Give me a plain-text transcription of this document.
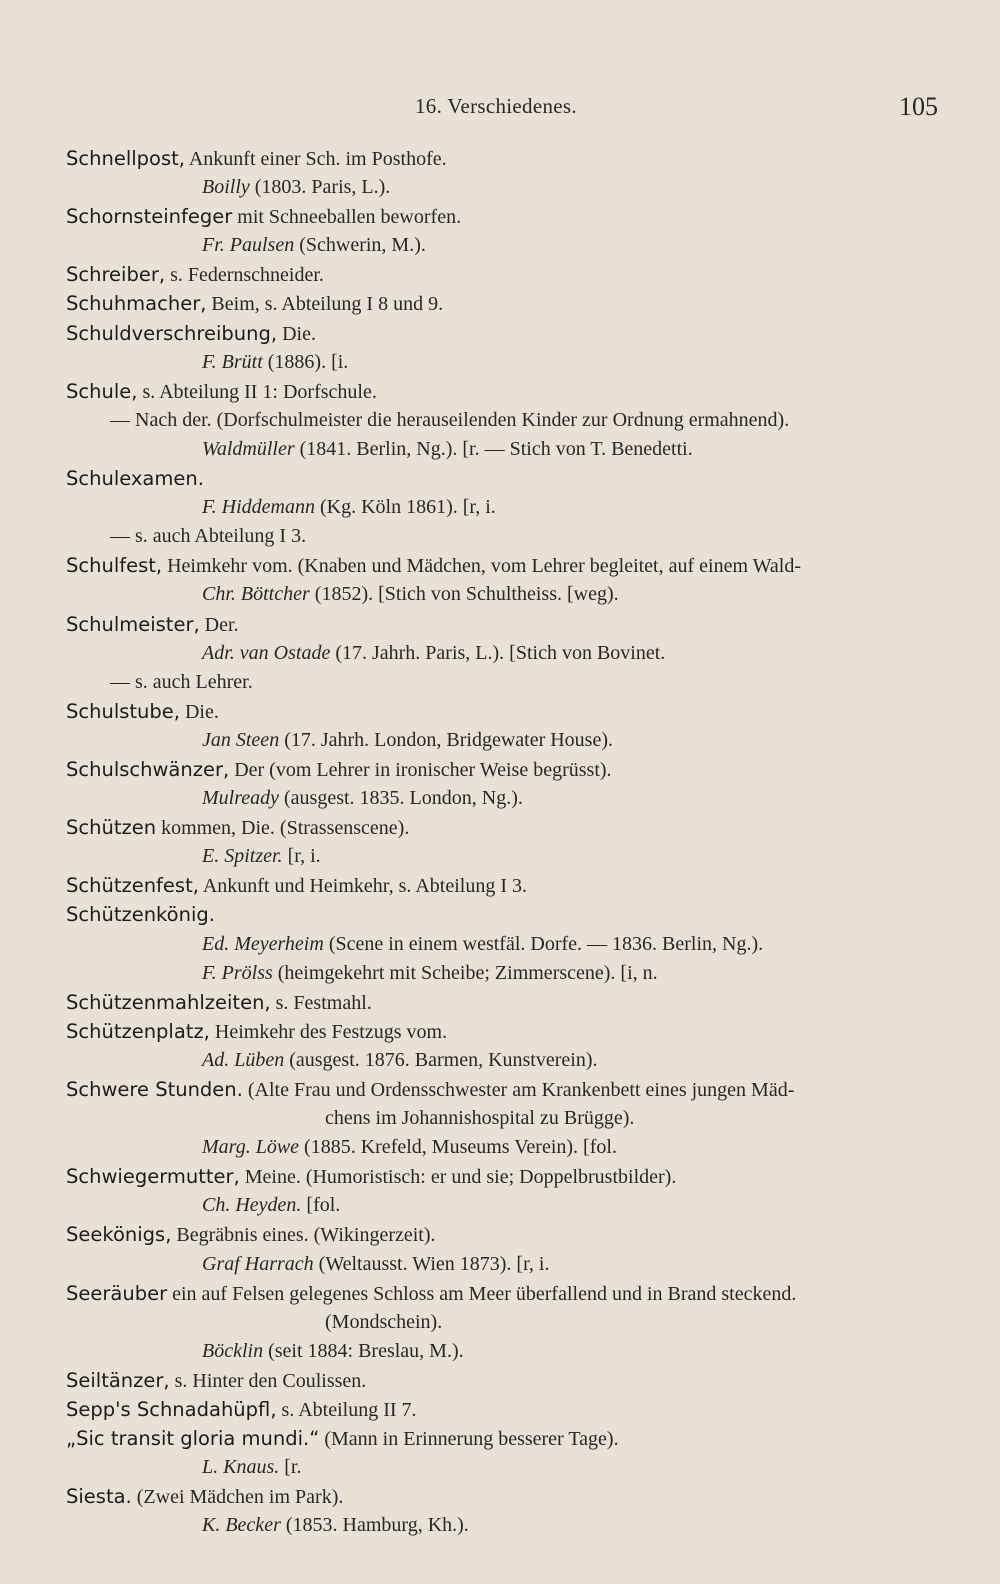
16. Verschiedenes.	105
Schnellpost, Ankunft einer Sch. im Posthofe.
Boilly (1803. Paris, L.).
Schornsteinfeger mit Schneeballen beworfen.
Fr. Paulsen (Schwerin, M.).
Schreiber, s. Federnschneider.
Schuhmacher, Beim, s. Abteilung I 8 und 9.
Schuldverschreibung, Die.
F. Brütt (1886). [i.
Schule, s. Abteilung II 1: Dorfschule.
— Nach der. (Dorfschulmeister die herauseilenden Kinder zur Ordnung ermahnend).
Waldmüller (1841. Berlin, Ng.). [r. — Stich von T. Benedetti.
Schulexamen.
F. Hiddemann (Kg. Köln 1861). [r, i.
— s. auch Abteilung I 3.
Schulfest, Heimkehr vom. (Knaben und Mädchen, vom Lehrer begleitet, auf einem Wald-
Chr. Böttcher (1852). [Stich von Schultheiss. [weg).
Schulmeister, Der.
Adr. van Ostade (17. Jahrh. Paris, L.). [Stich von Bovinet.
— s. auch Lehrer.
Schulstube, Die.
Jan Steen (17. Jahrh. London, Bridgewater House).
Schulschwänzer, Der (vom Lehrer in ironischer Weise begrüsst).
Mulready (ausgest. 1835. London, Ng.).
Schützen kommen, Die. (Strassenscene).
E. Spitzer. [r, i.
Schützenfest, Ankunft und Heimkehr, s. Abteilung I 3.
Schützenkönig.
Ed. Meyerheim (Scene in einem westfäl. Dorfe. — 1836. Berlin, Ng.).
F. Prölss (heimgekehrt mit Scheibe; Zimmerscene). [i, n.
Schützenmahlzeiten, s. Festmahl.
Schützenplatz, Heimkehr des Festzugs vom.
Ad. Lüben (ausgest. 1876. Barmen, Kunstverein).
Schwere Stunden. (Alte Frau und Ordensschwester am Krankenbett eines jungen Mäd-
chens im Johannishospital zu Brügge).
Marg. Löwe (1885. Krefeld, Museums Verein). [fol.
Schwiegermutter, Meine. (Humoristisch: er und sie; Doppelbrustbilder).
Ch. Heyden. [fol.
Seekönigs, Begräbnis eines. (Wikingerzeit).
Graf Harrach (Weltausst. Wien 1873). [r, i.
Seeräuber ein auf Felsen gelegenes Schloss am Meer überfallend und in Brand steckend.
(Mondschein).
Böcklin (seit 1884: Breslau, M.).
Seiltänzer, s. Hinter den Coulissen.
Sepp's Schnadahüpfl, s. Abteilung II 7.
„Sic transit gloria mundi.“ (Mann in Erinnerung besserer Tage).
L. Knaus. [r.
Siesta. (Zwei Mädchen im Park).
K. Becker (1853. Hamburg, Kh.).
